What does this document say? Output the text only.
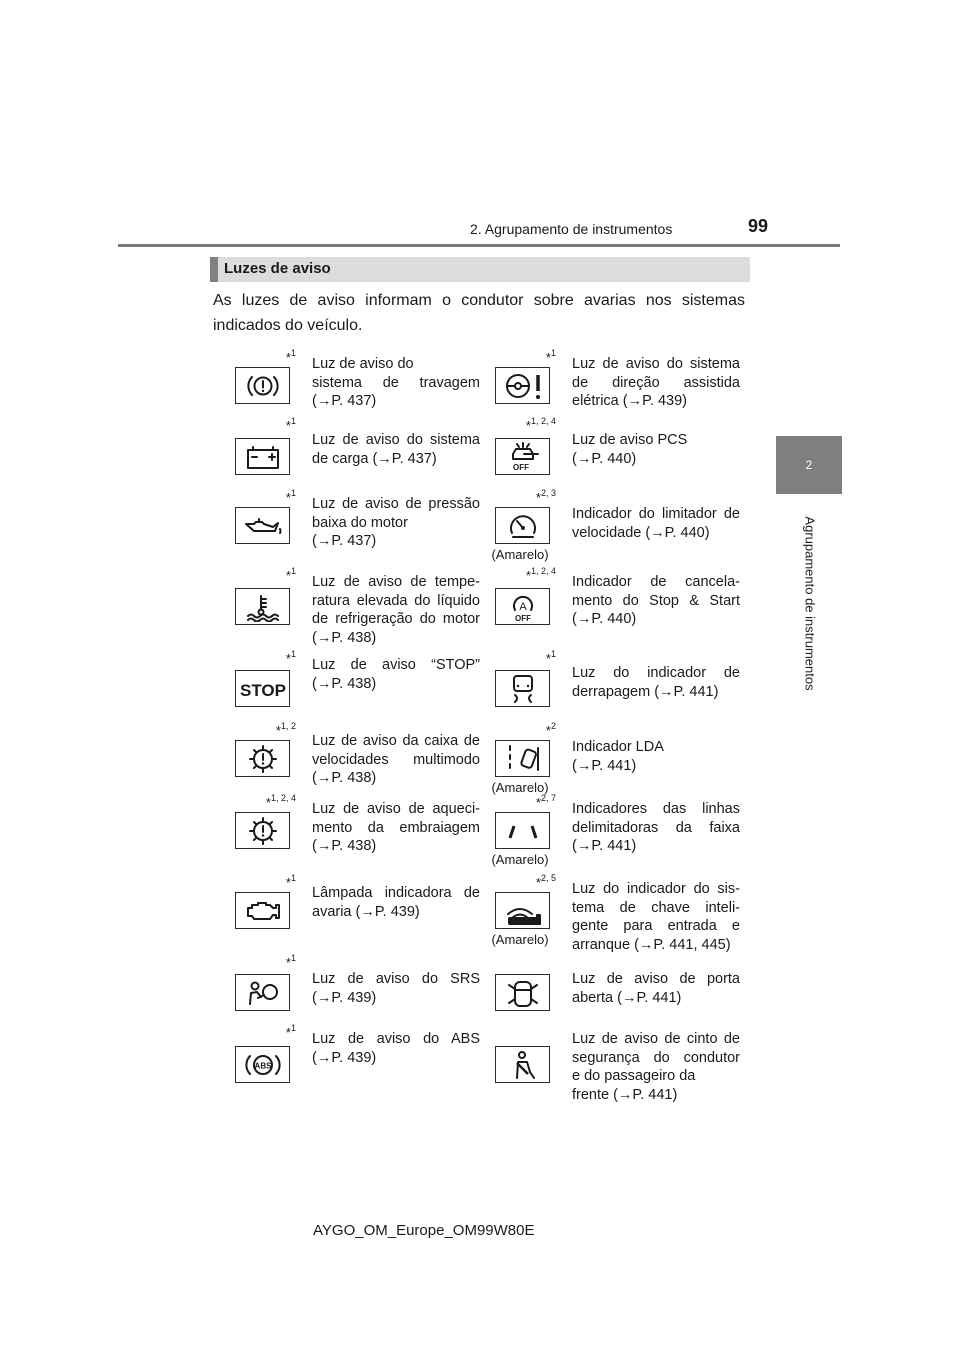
2. Agrupamento de instrumentos	99
2
Agrupamento de instrumentos
Luzes de aviso
As luzes de aviso informam o condutor sobre avarias nos sistemas indicados do veículo.
*$^1$

Luz de aviso do

sistema de travagem

(→P. 437)

*$^1$

Luz de aviso do sistema

de carga (→P. 437)

*$^1$

Luz de aviso de pressão

baixa do motor

(→P. 437)

*$^1$

Luz de aviso de tempe-

ratura elevada do líquido

de refrigeração do motor

(→P. 438)

*$^1$
STOP

Luz de aviso “STOP”

(→P. 438)

*$^{1, 2}$

Luz de aviso da caixa de

velocidades multimodo

(→P. 438)

*$^{1, 2, 4}$

Luz de aviso de aqueci-

mento da embraiagem

(→P. 438)

*$^1$

Lâmpada indicadora de

avaria (→P. 439)

*$^1$

Luz de aviso do SRS

(→P. 439)

*$^1$
ABS

Luz de aviso do ABS

(→P. 439)

*$^1$

Luz de aviso do sistema

de direção assistida

elétrica (→P. 439)

*$^{1, 2, 4}$
OFF

Luz de aviso PCS

(→P. 440)

*$^{2, 3}$
(Amarelo)

Indicador do limitador de

velocidade (→P. 440)

*$^{1, 2, 4}$
A
OFF

Indicador de cancela-

mento do Stop & Start

(→P. 440)

*$^1$

Luz do indicador de

derrapagem (→P. 441)

*$^2$
(Amarelo)

Indicador LDA

(→P. 441)

*$^{2, 7}$
(Amarelo)

Indicadores das linhas

delimitadoras da faixa

(→P. 441)

*$^{2, 5}$
(Amarelo)

Luz do indicador do sis-

tema de chave inteli-

gente para entrada e

arranque (→P. 441, 445)

Luz de aviso de porta

aberta (→P. 441)

Luz de aviso de cinto de

segurança do condutor

e do passageiro da

frente (→P. 441)

AYGO_OM_Europe_OM99W80E
